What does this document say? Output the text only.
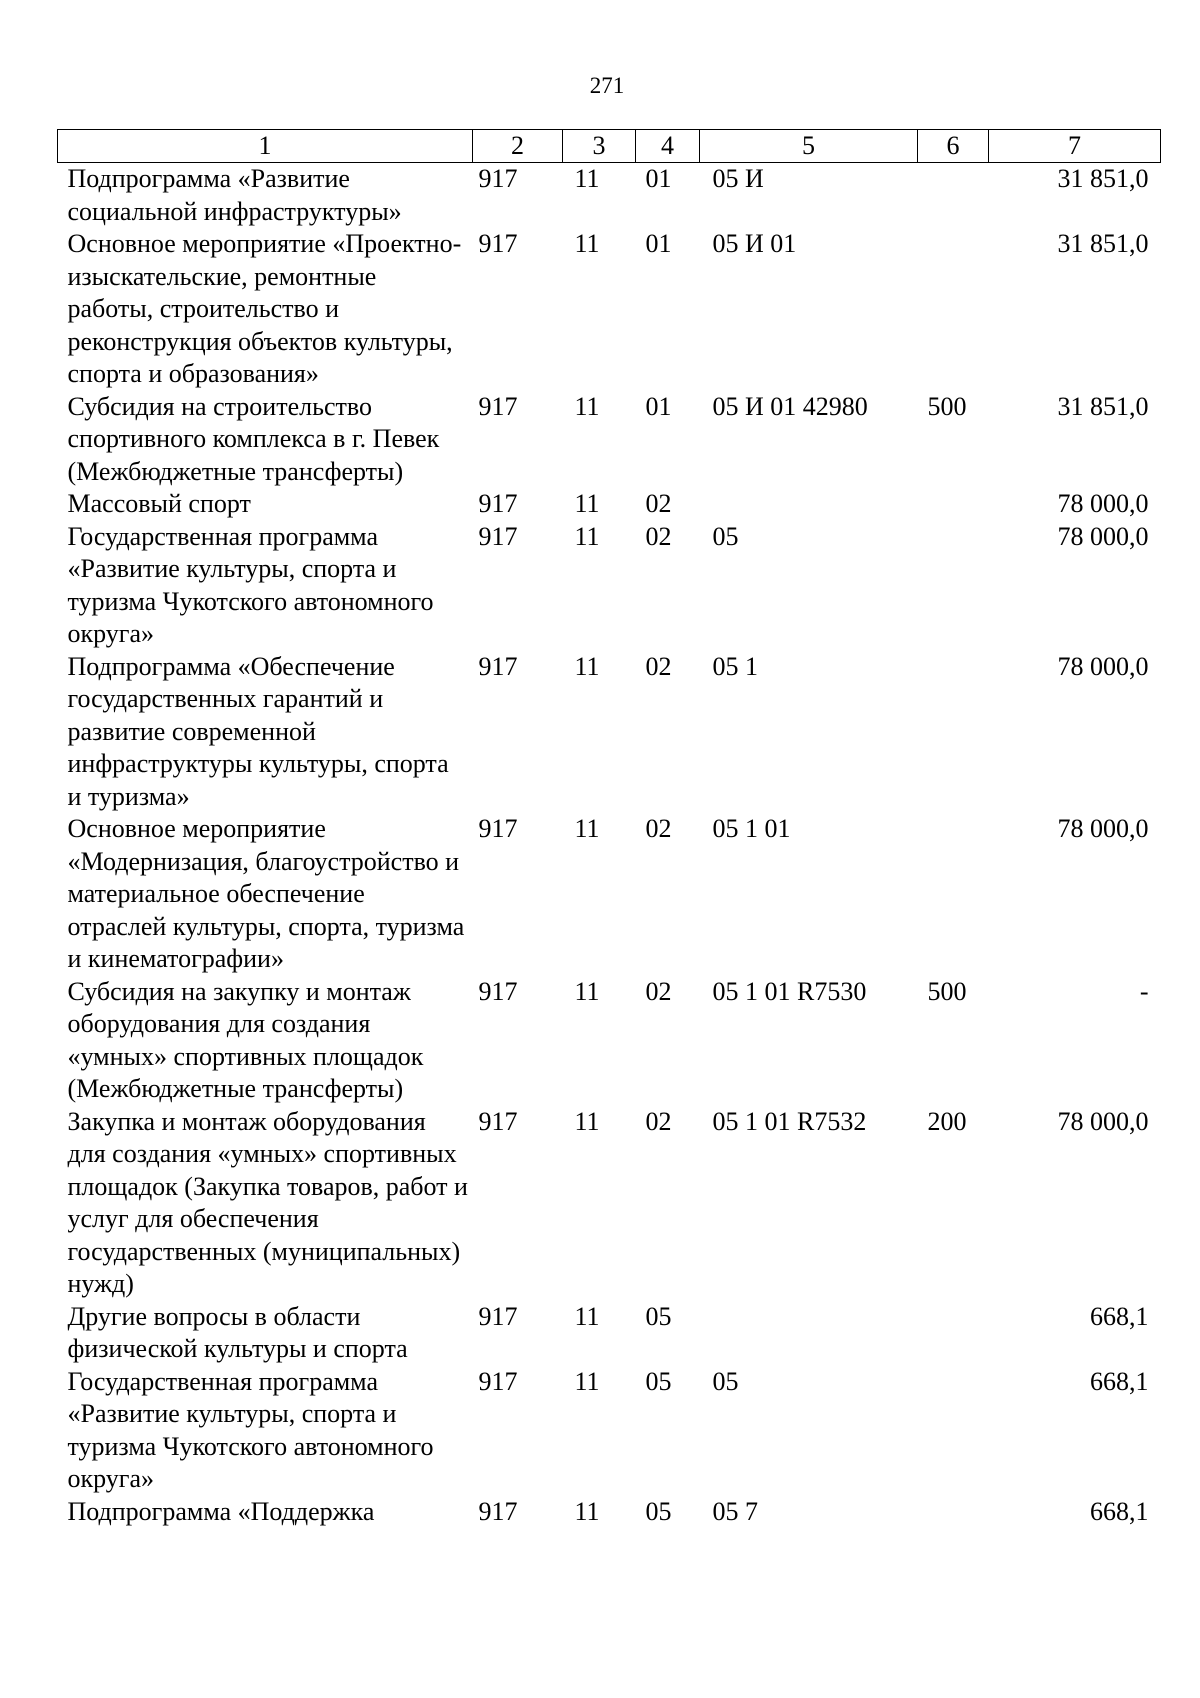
271
1	2	3	4	5	6	7
Подпрограмма «Развитие социальной инфраструктуры»	917	11	01	05 И		31 851,0
Основное мероприятие «Проектно-изыскательские, ремонтные работы, строительство и реконструкция объектов культуры, спорта и образования»	917	11	01	05 И 01		31 851,0
Субсидия на строительство спортивного комплекса в г. Певек (Межбюджетные трансферты)	917	11	01	05 И 01 42980	500	31 851,0
Массовый спорт	917	11	02			78 000,0
Государственная программа «Развитие культуры, спорта и туризма Чукотского автономного округа»	917	11	02	05		78 000,0
Подпрограмма «Обеспечение государственных гарантий и развитие современной инфраструктуры культуры, спорта и туризма»	917	11	02	05 1		78 000,0
Основное мероприятие «Модернизация, благоустройство и материальное обеспечение отраслей культуры, спорта, туризма и кинематографии»	917	11	02	05 1 01		78 000,0
Субсидия на закупку и монтаж оборудования для создания «умных» спортивных площадок (Межбюджетные трансферты)	917	11	02	05 1 01 R7530	500	-
Закупка и монтаж оборудования для создания «умных» спортивных площадок (Закупка товаров, работ и услуг для обеспечения государственных (муниципальных) нужд)	917	11	02	05 1 01 R7532	200	78 000,0
Другие вопросы в области физической культуры и спорта	917	11	05			668,1
Государственная программа «Развитие культуры, спорта и туризма Чукотского автономного округа»	917	11	05	05		668,1
Подпрограмма «Поддержка	917	11	05	05 7		668,1
